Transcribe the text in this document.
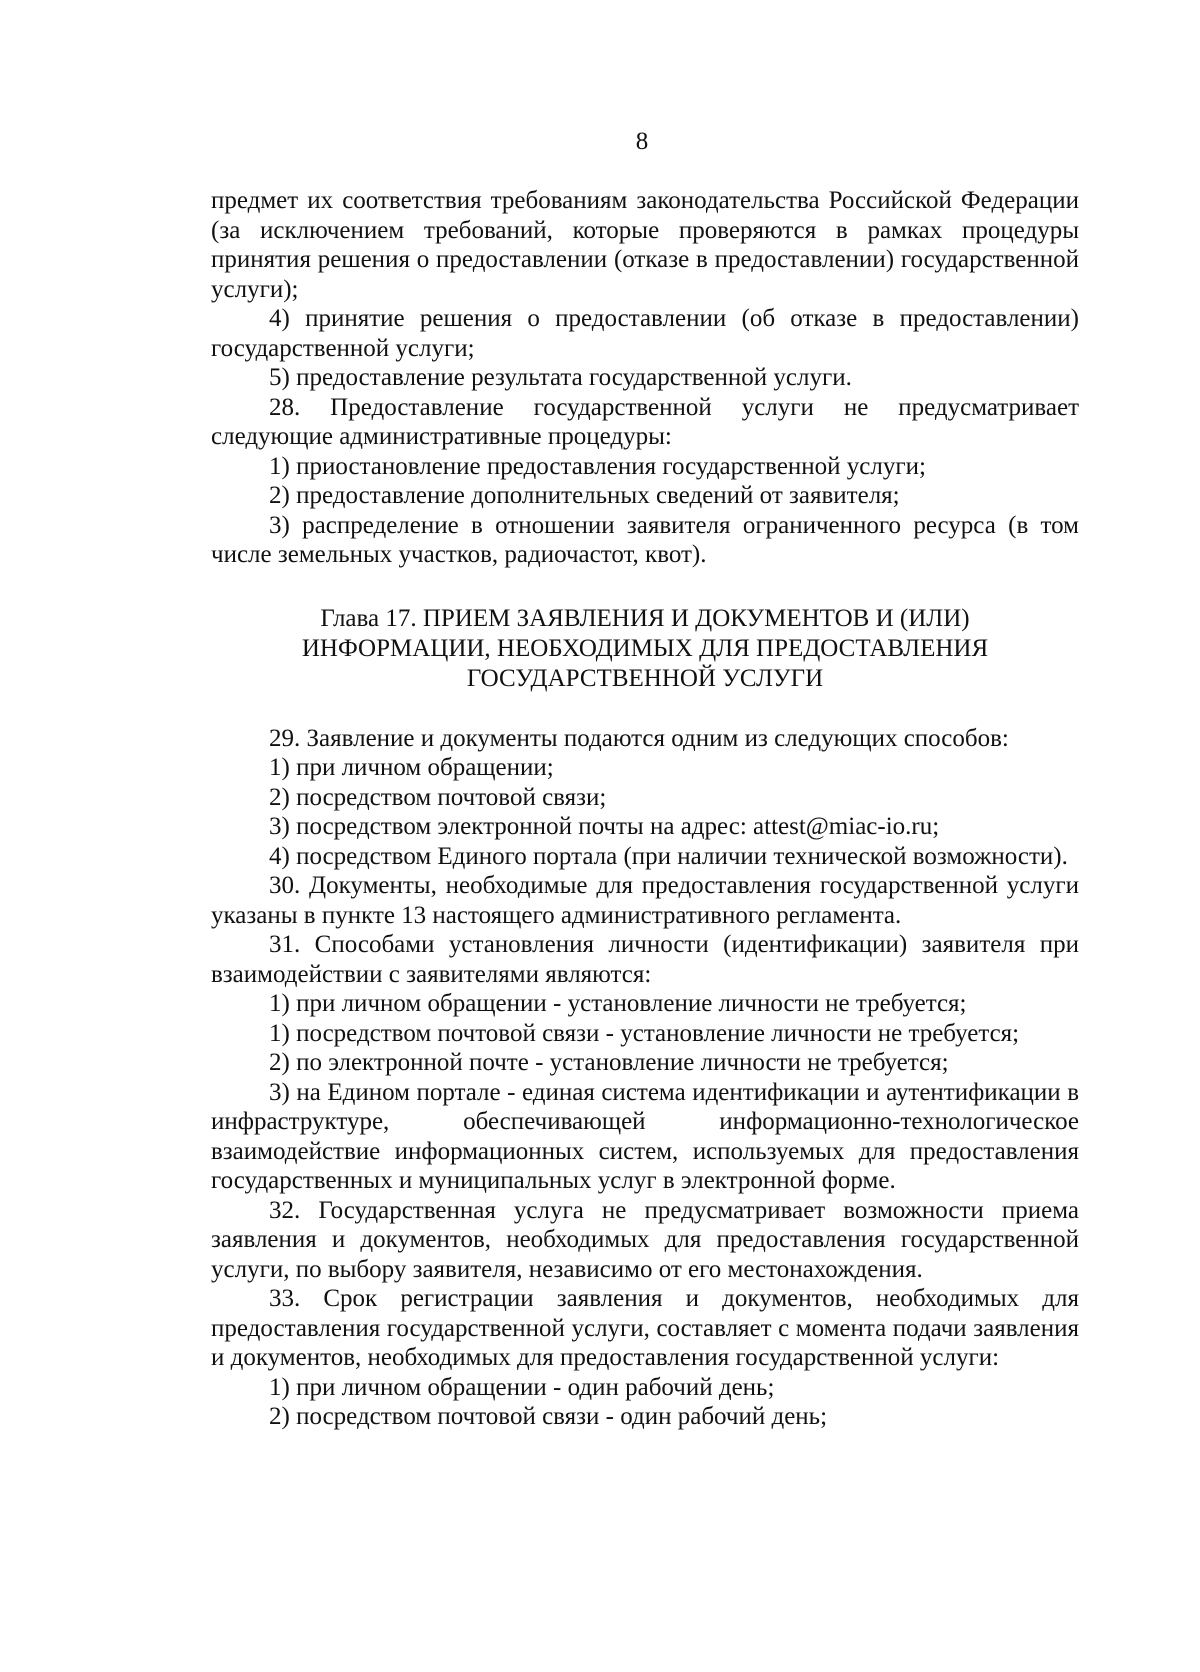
8

предмет их соответствия требованиям законодательства Российской Федерации (за исключением требований, которые проверяются в рамках процедуры принятия решения о предоставлении (отказе в предоставлении) государственной услуги);

4) принятие решения о предоставлении (об отказе в предоставлении) государственной услуги;

5) предоставление результата государственной услуги.

28. Предоставление государственной услуги не предусматривает следующие административные процедуры:

1) приостановление предоставления государственной услуги;

2) предоставление дополнительных сведений от заявителя;

3) распределение в отношении заявителя ограниченного ресурса (в том числе земельных участков, радиочастот, квот).

Глава 17. ПРИЕМ ЗАЯВЛЕНИЯ И ДОКУМЕНТОВ И (ИЛИ)
ИНФОРМАЦИИ, НЕОБХОДИМЫХ ДЛЯ ПРЕДОСТАВЛЕНИЯ
ГОСУДАРСТВЕННОЙ УСЛУГИ

29. Заявление и документы подаются одним из следующих способов:

1) при личном обращении;

2) посредством почтовой связи;

3) посредством электронной почты на адрес: attest@miac-io.ru;

4) посредством Единого портала (при наличии технической возможности).

30. Документы, необходимые для предоставления государственной услуги указаны в пункте 13 настоящего административного регламента.

31. Способами установления личности (идентификации) заявителя при взаимодействии с заявителями являются:

1) при личном обращении - установление личности не требуется;

1) посредством почтовой связи - установление личности не требуется;

2) по электронной почте - установление личности не требуется;

3) на Едином портале - единая система идентификации и аутентификации в инфраструктуре, обеспечивающей информационно-технологическое взаимодействие информационных систем, используемых для предоставления государственных и муниципальных услуг в электронной форме.

32. Государственная услуга не предусматривает возможности приема заявления и документов, необходимых для предоставления государственной услуги, по выбору заявителя, независимо от его местонахождения.

33. Срок регистрации заявления и документов, необходимых для предоставления государственной услуги, составляет с момента подачи заявления и документов, необходимых для предоставления государственной услуги:

1) при личном обращении - один рабочий день;

2) посредством почтовой связи - один рабочий день;
